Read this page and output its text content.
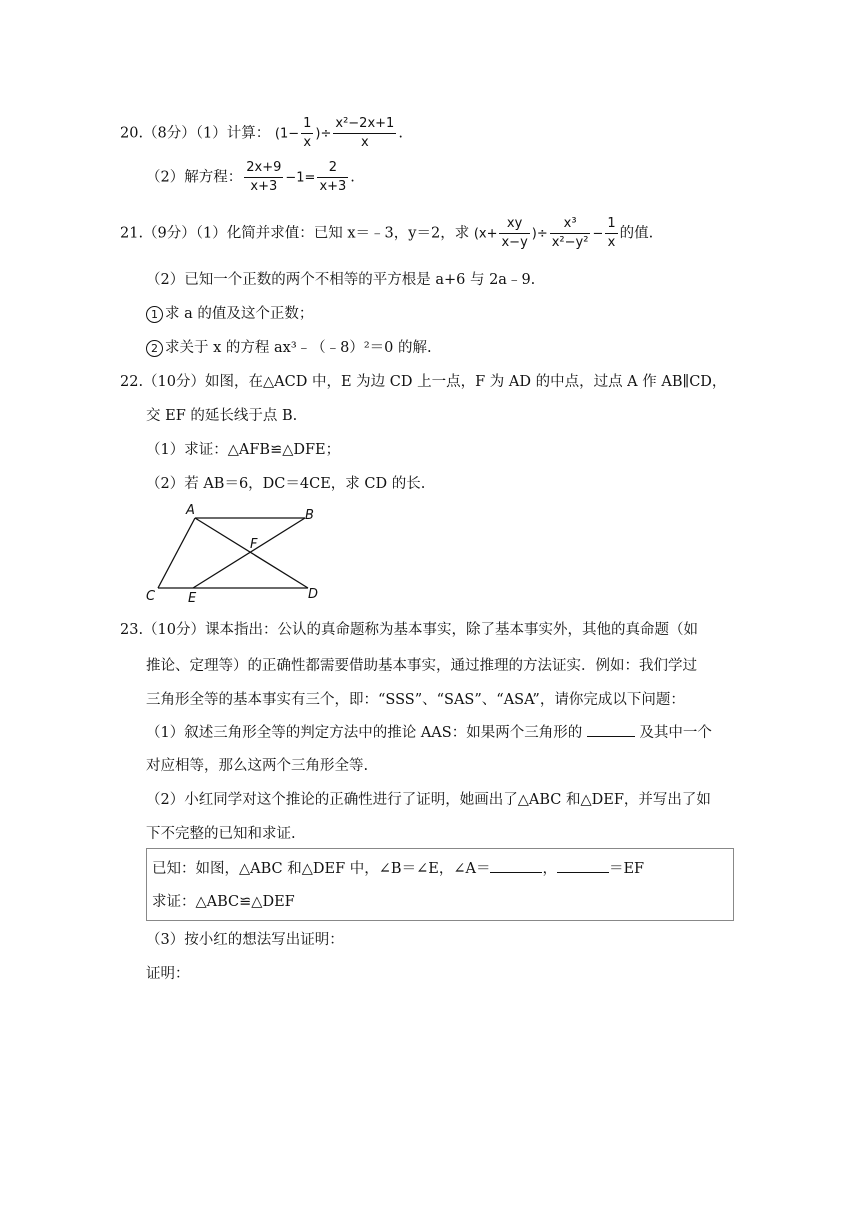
20.（8分）（1）计算： ($1- \frac{1}{x}$ )÷ $\frac{\text{x²−2x+1}}{x}$ .
（2）解方程： $\frac{2x+9}{x+3} -1= \frac{2}{x+3}$ .
21.（9分）（1）化简并求值：已知 x＝﹣3，y＝2，求 ($x+ \frac{xy}{x-y}$ )÷ $\frac{\text{x³}}{\text{x²−y²}} - \frac{1}{x}$ 的值.
（2）已知一个正数的两个不相等的平方根是 a+6 与 2a﹣9.
1 求 a 的值及这个正数；
2 求关于 x 的方程 ax³﹣（﹣8）²＝0 的解.
22.（10分）如图，在△ACD 中，E 为边 CD 上一点，F 为 AD 的中点，过点 A 作 AB∥CD，
交 EF 的延长线于点 B.
（1）求证：△AFB≌△DFE；
（2）若 AB＝6，DC＝4CE，求 CD 的长.
A	B
C	D
E
F
23.（10分）课本指出：公认的真命题称为基本事实，除了基本事实外，其他的真命题（如
推论、定理等）的正确性都需要借助基本事实，通过推理的方法证实．例如：我们学过
三角形全等的基本事实有三个，即：“SSS”、“SAS”、“ASA”，请你完成以下问题：
（1）叙述三角形全等的判定方法中的推论 AAS：如果两个三角形的	及其中一个
对应相等，那么这两个三角形全等.
（2）小红同学对这个推论的正确性进行了证明，她画出了△ABC 和△DEF，并写出了如
下不完整的已知和求证.
已知：如图，△ABC 和△DEF 中，∠B＝∠E，∠A＝	，	＝EF
求证：△ABC≌△DEF
（3）按小红的想法写出证明：
证明：
